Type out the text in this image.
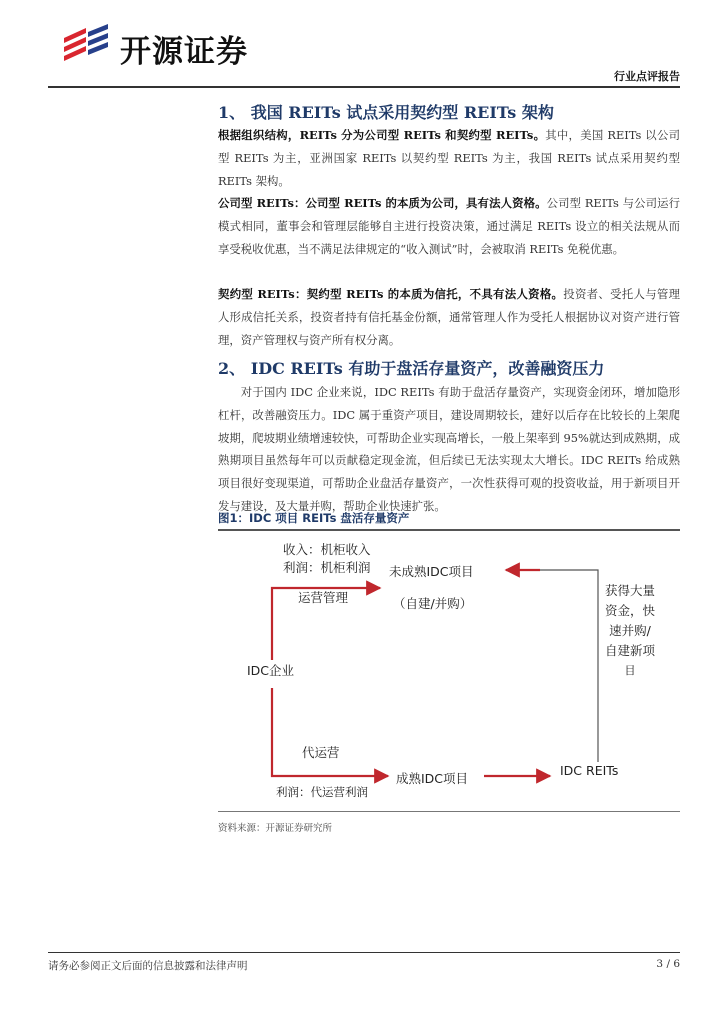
开源证券
行业点评报告
1、 我国 REITs 试点采用契约型 REITs 架构

根据组织结构，REITs 分为公司型 REITs 和契约型 REITs。其中，美国 REITs 以公司型 REITs 为主，亚洲国家 REITs 以契约型 REITs 为主，我国 REITs 试点采用契约型 REITs 架构。

公司型 REITs：公司型 REITs 的本质为公司，具有法人资格。公司型 REITs 与公司运行模式相同，董事会和管理层能够自主进行投资决策，通过满足 REITs 设立的相关法规从而享受税收优惠，当不满足法律规定的“收入测试”时，会被取消 REITs 免税优惠。

契约型 REITs：契约型 REITs 的本质为信托，不具有法人资格。投资者、受托人与管理人形成信托关系，投资者持有信托基金份额，通常管理人作为受托人根据协议对资产进行管理，资产管理权与资产所有权分离。

2、 IDC REITs 有助于盘活存量资产，改善融资压力

对于国内 IDC 企业来说，IDC REITs 有助于盘活存量资产，实现资金闭环，增加隐形杠杆，改善融资压力。IDC 属于重资产项目，建设周期较长，建好以后存在比较长的上架爬坡期，爬坡期业绩增速较快，可帮助企业实现高增长，一般上架率到 95%就达到成熟期，成熟期项目虽然每年可以贡献稳定现金流，但后续已无法实现太大增长。IDC REITs 给成熟项目很好变现渠道，可帮助企业盘活存量资产，一次性获得可观的投资收益，用于新项目开发与建设，及大量并购，帮助企业快速扩张。

图1：IDC 项目 REITs 盘活存量资产
收入：机柜收入
利润：机柜利润 未成熟IDC项目
运营管理	（自建/并购）
IDC企业
获得大量
资金，快
速并购/
自建新项
目
代运营
成熟IDC项目
IDC REITs
利润：代运营利润
资料来源：开源证券研究所
请务必参阅正文后面的信息披露和法律声明	3 / 6
